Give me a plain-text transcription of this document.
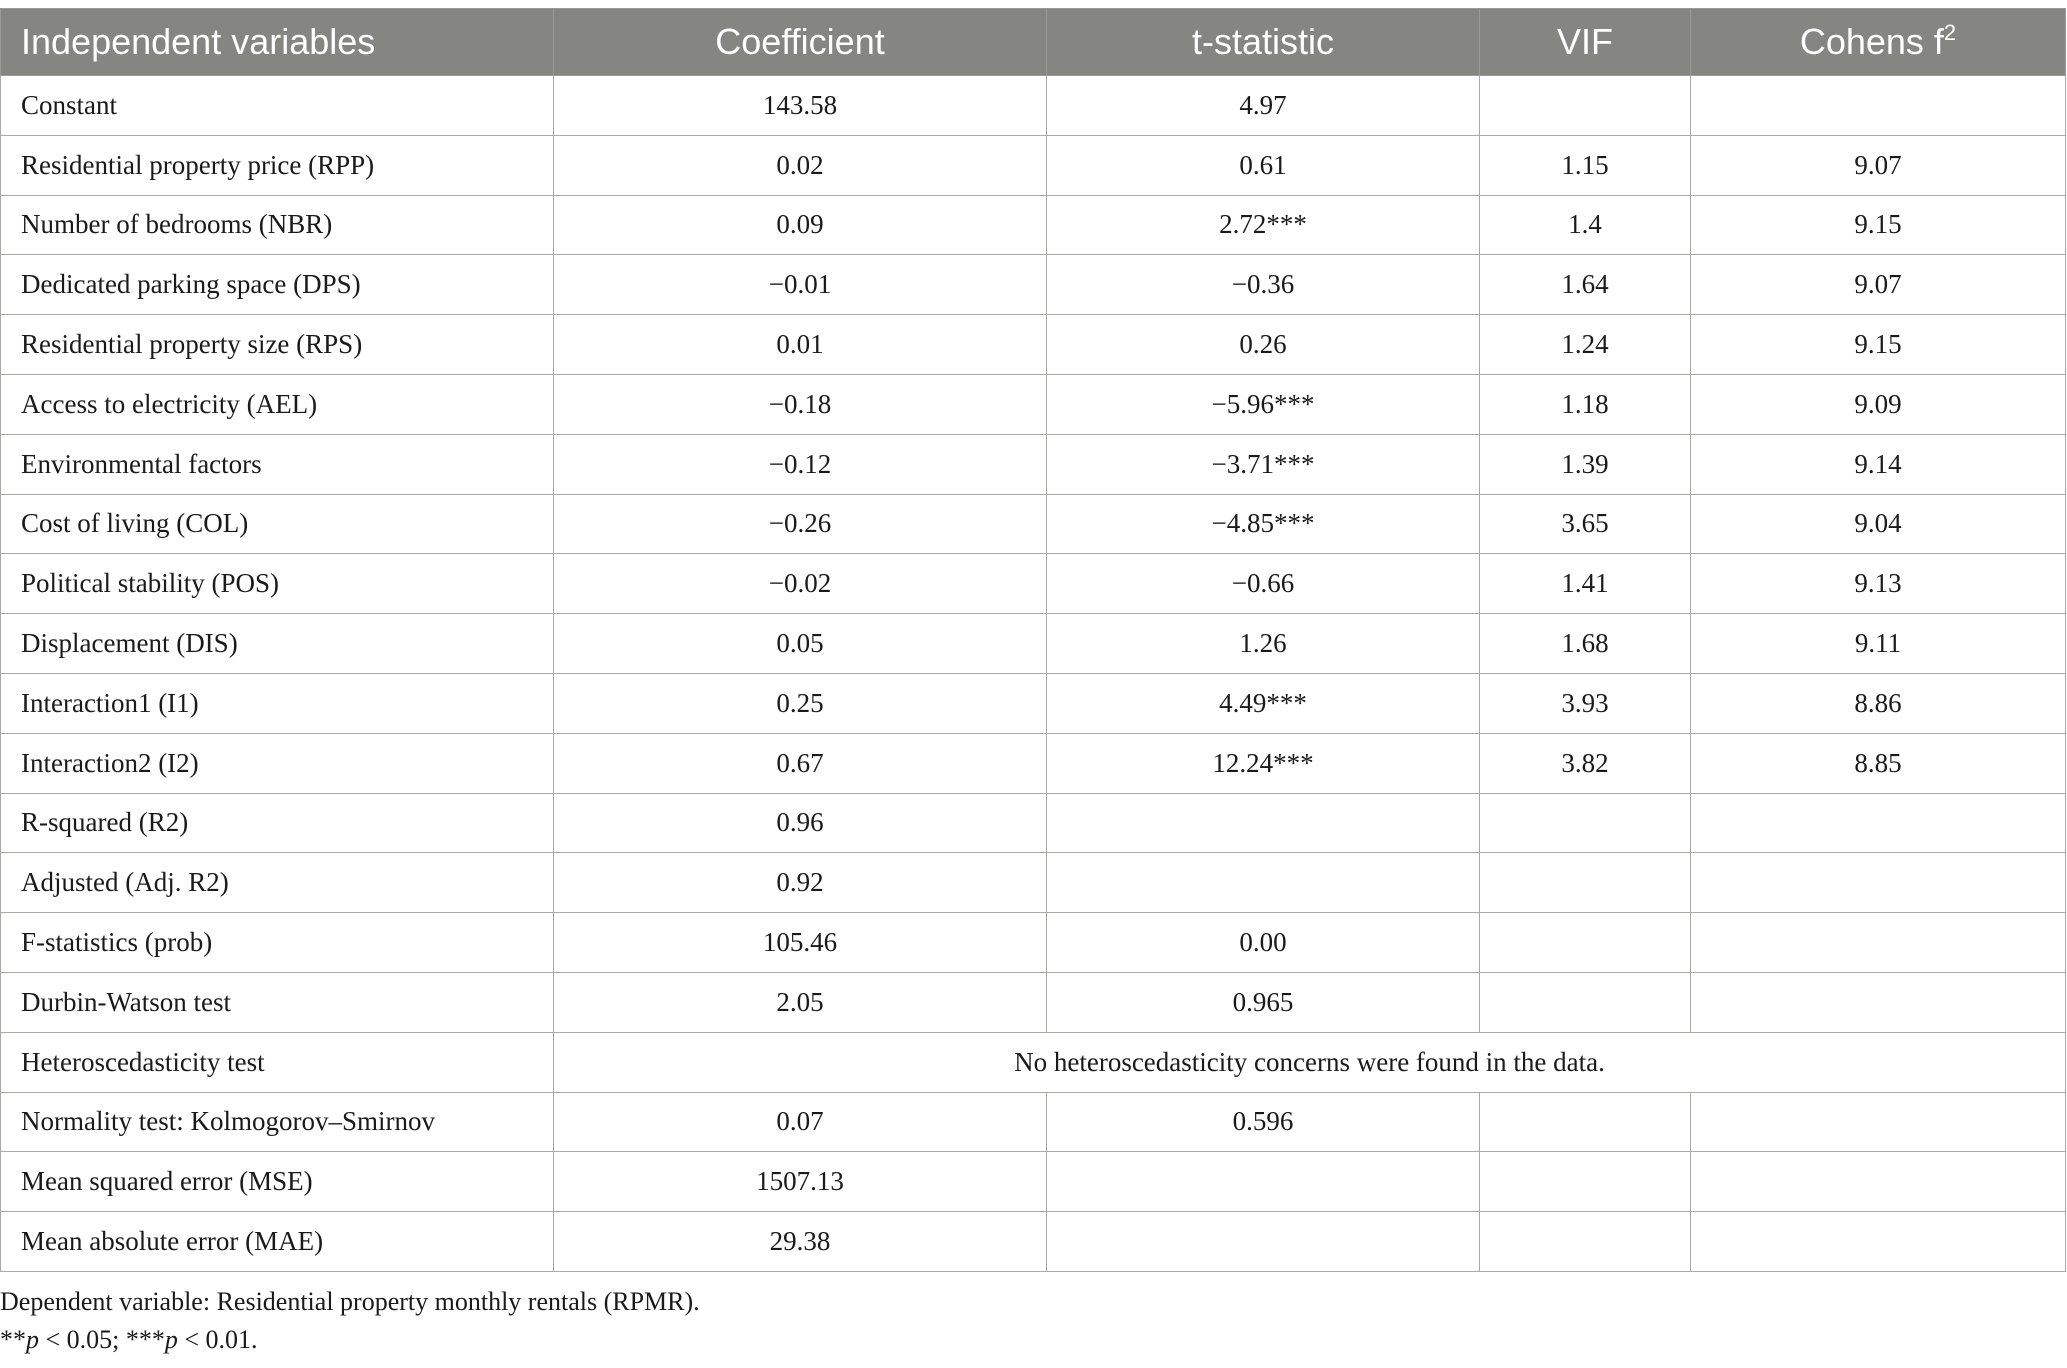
Independent variables	Coefficient	t-statistic	VIF	Cohens $f^2$
Constant	143.58	4.97		
Residential property price (RPP)	0.02	0.61	1.15	9.07
Number of bedrooms (NBR)	0.09	2.72***	1.4	9.15
Dedicated parking space (DPS)	−0.01	−0.36	1.64	9.07
Residential property size (RPS)	0.01	0.26	1.24	9.15
Access to electricity (AEL)	−0.18	−5.96***	1.18	9.09
Environmental factors	−0.12	−3.71***	1.39	9.14
Cost of living (COL)	−0.26	−4.85***	3.65	9.04
Political stability (POS)	−0.02	−0.66	1.41	9.13
Displacement (DIS)	0.05	1.26	1.68	9.11
Interaction1 (I1)	0.25	4.49***	3.93	8.86
Interaction2 (I2)	0.67	12.24***	3.82	8.85
R-squared (R2)	0.96			
Adjusted (Adj. R2)	0.92			
F-statistics (prob)	105.46	0.00		
Durbin-Watson test	2.05	0.965		
Heteroscedasticity test	No heteroscedasticity concerns were found in the data.			
Normality test: Kolmogorov–Smirnov	0.07	0.596		
Mean squared error (MSE)	1507.13			
Mean absolute error (MAE)	29.38			
Dependent variable: Residential property monthly rentals (RPMR).
**p < 0.05; ***p < 0.01.
